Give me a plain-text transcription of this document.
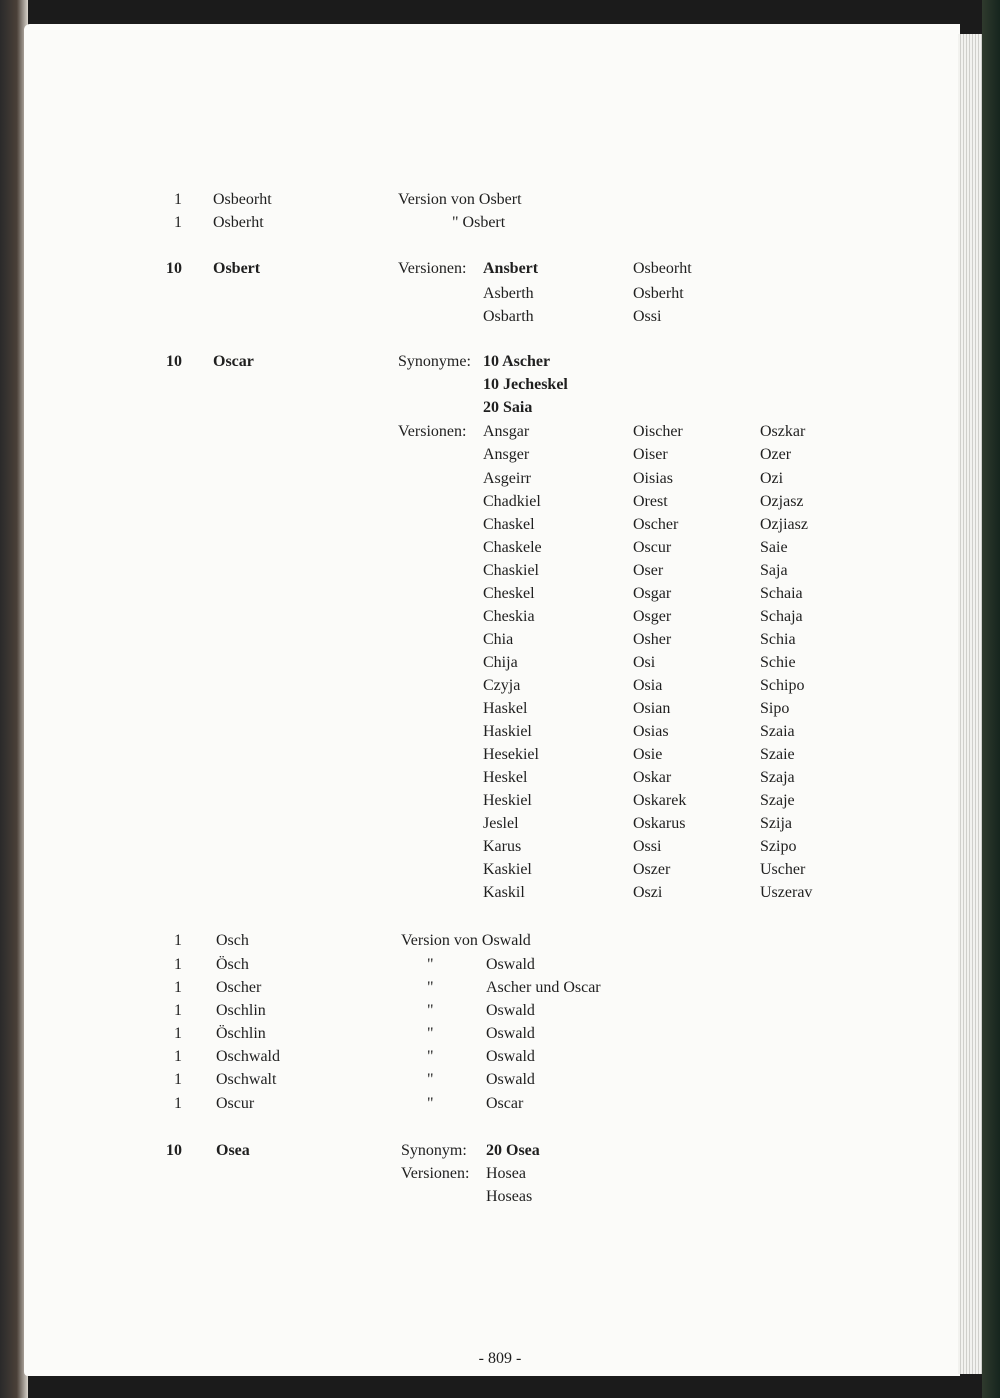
1 Osbeorht	Version von Osbert
1 Osberht	" Osbert
10 Osbert	Versionen: Ansbert	Osbeorht
Asberth	Osberht
Osbarth	Ossi
10 Oscar	Synonyme: 10 Ascher
10 Jecheskel
20 Saia
Versionen: Ansgar	Oischer	Oszkar
Ansger	Oiser	Ozer
Asgeirr	Oisias	Ozi
Chadkiel	Orest	Ozjasz
Chaskel	Oscher	Ozjiasz
Chaskele	Oscur	Saie
Chaskiel	Oser	Saja
Cheskel	Osgar	Schaia
Cheskia	Osger	Schaja
Chia	Osher	Schia
Chija	Osi	Schie
Czyja	Osia	Schipo
Haskel	Osian	Sipo
Haskiel	Osias	Szaia
Hesekiel	Osie	Szaie
Heskel	Oskar	Szaja
Heskiel	Oskarek	Szaje
Jeslel	Oskarus	Szija
Karus	Ossi	Szipo
Kaskiel	Oszer	Uscher
Kaskil	Oszi	Uszerav
1 Osch	Version von Oswald
1 Ösch	"	Oswald
1 Oscher	"	Ascher und Oscar
1 Oschlin	"	Oswald
1 Öschlin	"	Oswald
1 Oschwald	"	Oswald
1 Oschwalt	"	Oswald
1 Oscur	"	Oscar
10 Osea	Synonym: 20 Osea
Versionen: Hosea
Hoseas
- 809 -
